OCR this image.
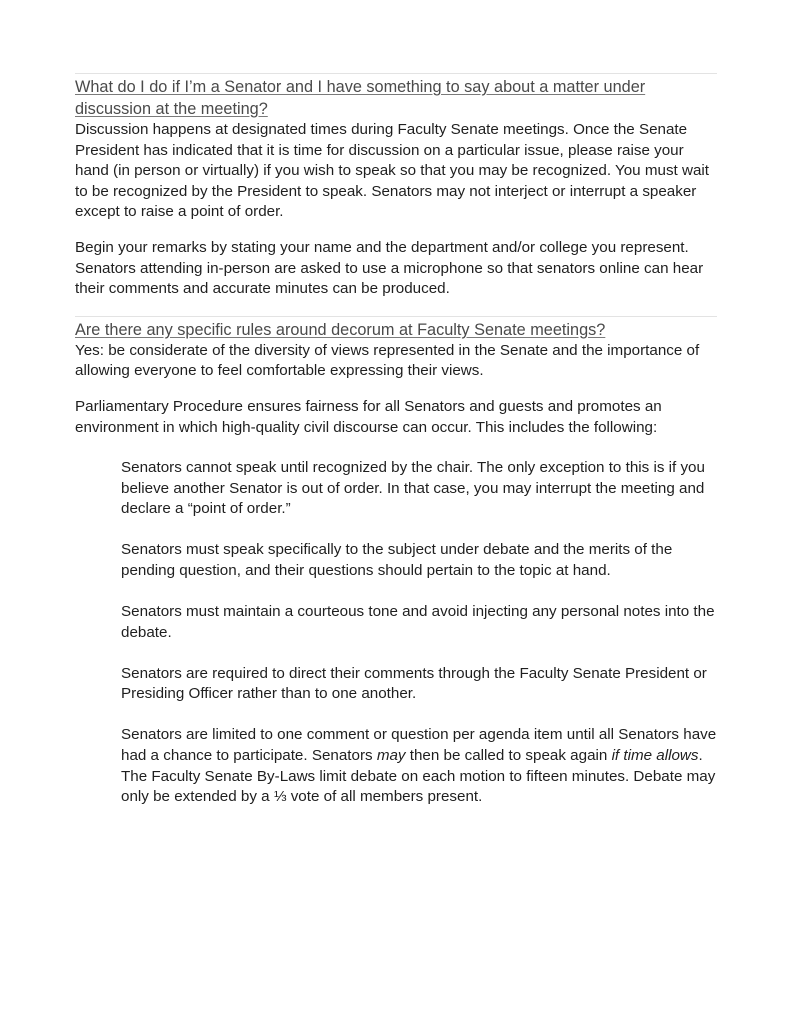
What do I do if I’m a Senator and I have something to say about a matter under discussion at the meeting?

Discussion happens at designated times during Faculty Senate meetings. Once the Senate President has indicated that it is time for discussion on a particular issue, please raise your hand (in person or virtually) if you wish to speak so that you may be recognized. You must wait to be recognized by the President to speak. Senators may not interject or interrupt a speaker except to raise a point of order.

Begin your remarks by stating your name and the department and/or college you represent. Senators attending in-person are asked to use a microphone so that senators online can hear their comments and accurate minutes can be produced.

Are there any specific rules around decorum at Faculty Senate meetings?

Yes: be considerate of the diversity of views represented in the Senate and the importance of allowing everyone to feel comfortable expressing their views.

Parliamentary Procedure ensures fairness for all Senators and guests and promotes an environment in which high-quality civil discourse can occur. This includes the following:

Senators cannot speak until recognized by the chair. The only exception to this is if you believe another Senator is out of order. In that case, you may interrupt the meeting and declare a “point of order.”
Senators must speak specifically to the subject under debate and the merits of the pending question, and their questions should pertain to the topic at hand.
Senators must maintain a courteous tone and avoid injecting any personal notes into the debate.
Senators are required to direct their comments through the Faculty Senate President or Presiding Officer rather than to one another.
Senators are limited to one comment or question per agenda item until all Senators have had a chance to participate. Senators may then be called to speak again if time allows. The Faculty Senate By-Laws limit debate on each motion to fifteen minutes. Debate may only be extended by a ⅓ vote of all members present.
